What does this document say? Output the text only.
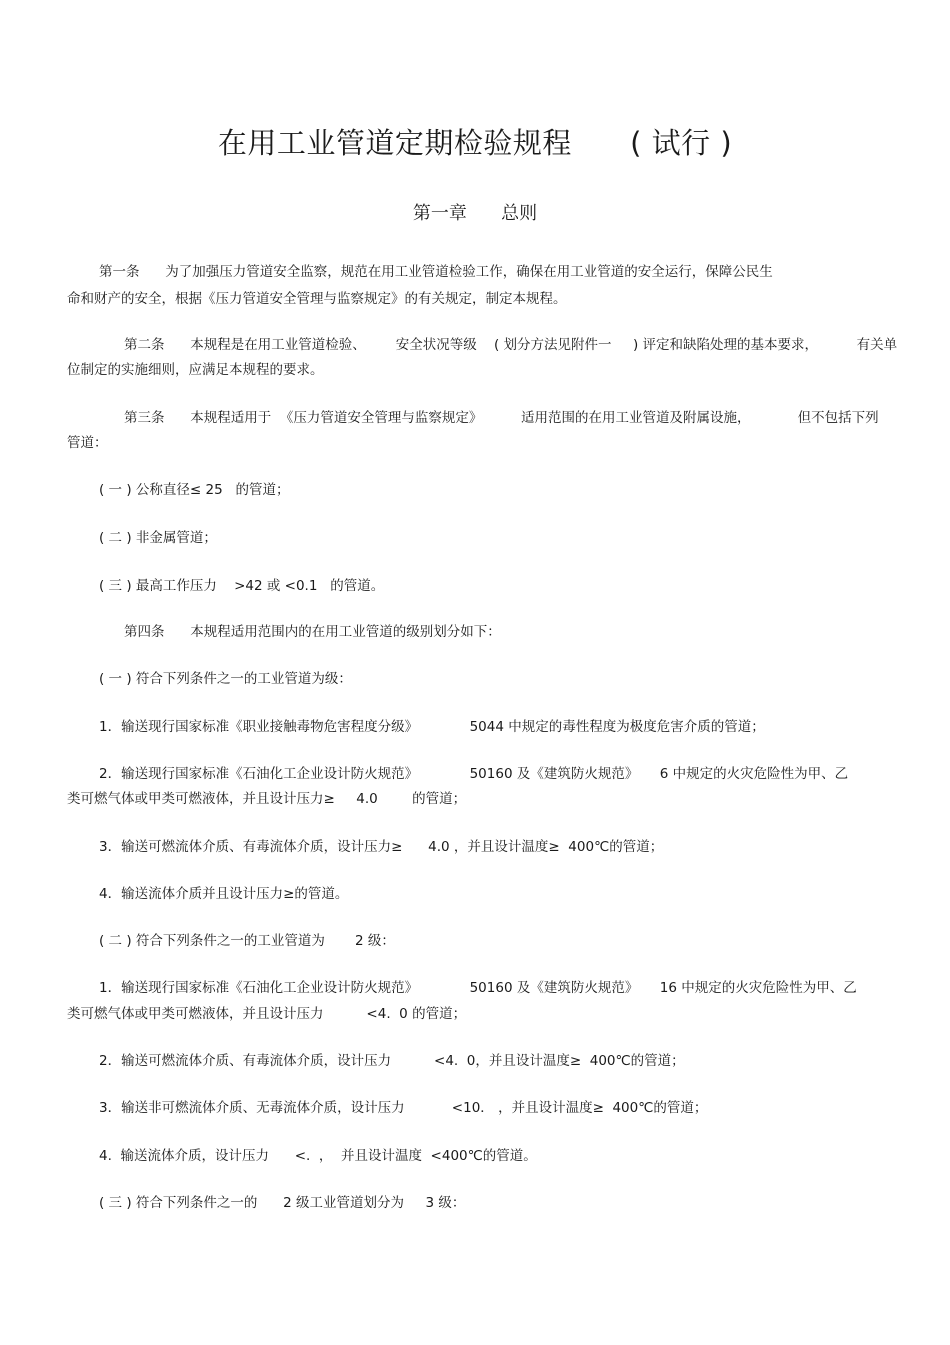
在用工业管道定期检验规程      ( 试行 )
第一章      总则
第一条      为了加强压力管道安全监察，规范在用工业管道检验工作，确保在用工业管道的安全运行，保障公民生
命和财产的安全，根据《压力管道安全管理与监察规定》的有关规定，制定本规程。
第二条      本规程是在用工业管道检验、       安全状况等级    ( 划分方法见附件一     ) 评定和缺陷处理的基本要求，         有关单
位制定的实施细则，应满足本规程的要求。
第三条      本规程适用于  《压力管道安全管理与监察规定》         适用范围的在用工业管道及附属设施，           但不包括下列
管道：
( 一 ) 公称直径≤ 25   的管道；
( 二 ) 非金属管道；
( 三 ) 最高工作压力    >42 或 <0.1   的管道。
第四条      本规程适用范围内的在用工业管道的级别划分如下：
( 一 ) 符合下列条件之一的工业管道为级：
1．输送现行国家标准《职业接触毒物危害程度分级》            5044 中规定的毒性程度为极度危害介质的管道；
2．输送现行国家标准《石油化工企业设计防火规范》            50160 及《建筑防火规范》     6 中规定的火灾危险性为甲、乙
类可燃气体或甲类可燃液体，并且设计压力≥     4.0        的管道；
3．输送可燃流体介质、有毒流体介质，设计压力≥      4.0 ，并且设计温度≥  400℃的管道；
4．输送流体介质并且设计压力≥的管道。
( 二 ) 符合下列条件之一的工业管道为       2 级：
1．输送现行国家标准《石油化工企业设计防火规范》            50160 及《建筑防火规范》     16 中规定的火灾危险性为甲、乙
类可燃气体或甲类可燃液体，并且设计压力          <4.  0 的管道；
2．输送可燃流体介质、有毒流体介质，设计压力          <4.  0，并且设计温度≥  400℃的管道；
3．输送非可燃流体介质、无毒流体介质，设计压力           <10． ，并且设计温度≥  400℃的管道；
4.  输送流体介质，设计压力      <.  ，  并且设计温度  <400℃的管道。
( 三 ) 符合下列条件之一的      2 级工业管道划分为     3 级：
